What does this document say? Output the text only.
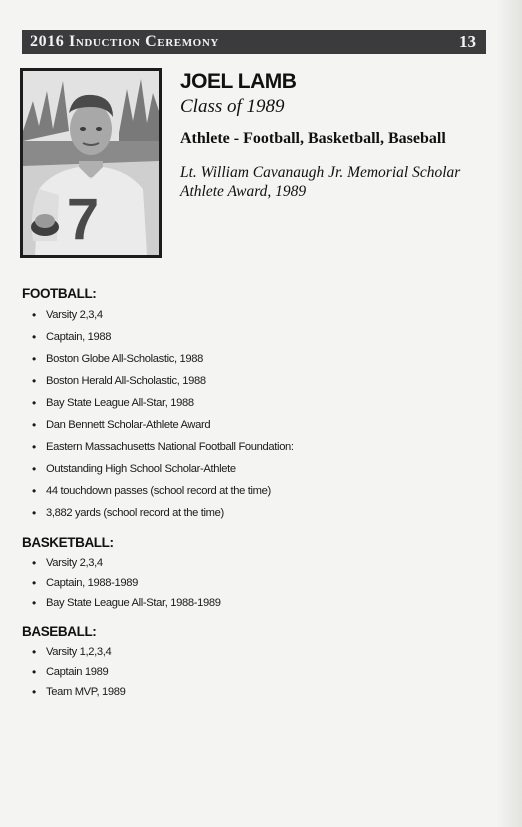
2016 Induction Ceremony	13
7
JOEL LAMB
Class of 1989
Athlete - Football, Basketball, Baseball
Lt. William Cavanaugh Jr. Memorial Scholar Athlete Award, 1989
FOOTBALL:
• Varsity 2,3,4
• Captain, 1988
• Boston Globe All-Scholastic, 1988
• Boston Herald All-Scholastic, 1988
• Bay State League All-Star, 1988
• Dan Bennett Scholar-Athlete Award
• Eastern Massachusetts National Football Foundation:
• Outstanding High School Scholar-Athlete
• 44 touchdown passes (school record at the time)
• 3,882 yards (school record at the time)
BASKETBALL:
• Varsity 2,3,4
• Captain, 1988-1989
• Bay State League All-Star, 1988-1989
BASEBALL:
• Varsity 1,2,3,4
• Captain 1989
• Team MVP, 1989
